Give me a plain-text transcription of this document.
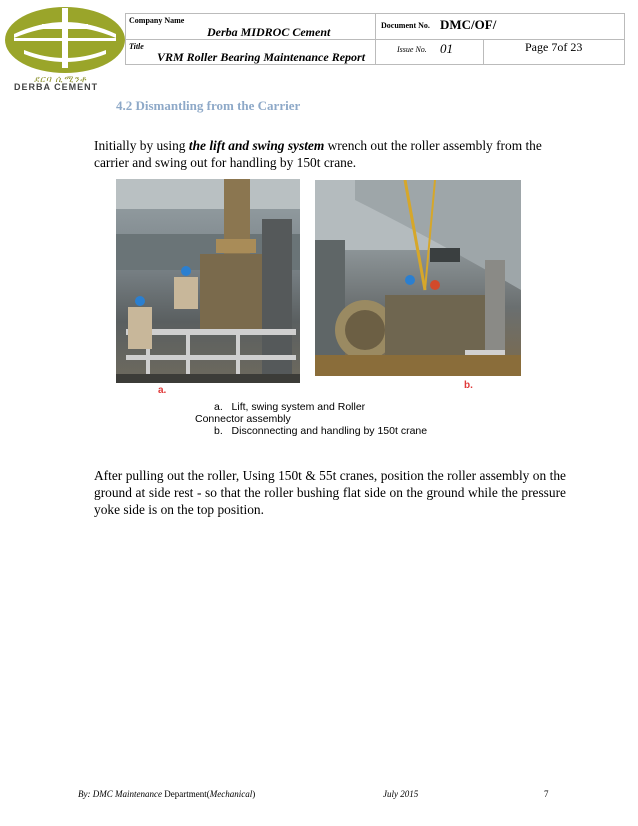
ደርባ ሲሚንቶ
DERBA CEMENT
Company Name
Derba MIDROC Cement	Document No. DMC/OF/
Title
VRM Roller Bearing Maintenance Report
Issue No. 01	Page 7of 23
4.2 Dismantling from the Carrier
Initially by using the lift and swing system wrench out the roller assembly from the carrier and swing out for handling by 150t crane.
a.	b.
a. Lift, swing system and Roller
Connector assembly
b. Disconnecting and handling by 150t crane
After pulling out the roller, Using 150t & 55t cranes, position the roller assembly on the ground at side rest - so that the roller bushing flat side on the ground while the pressure yoke side is on the top position.
By: DMC Maintenance Department(Mechanical)	July 2015	7
